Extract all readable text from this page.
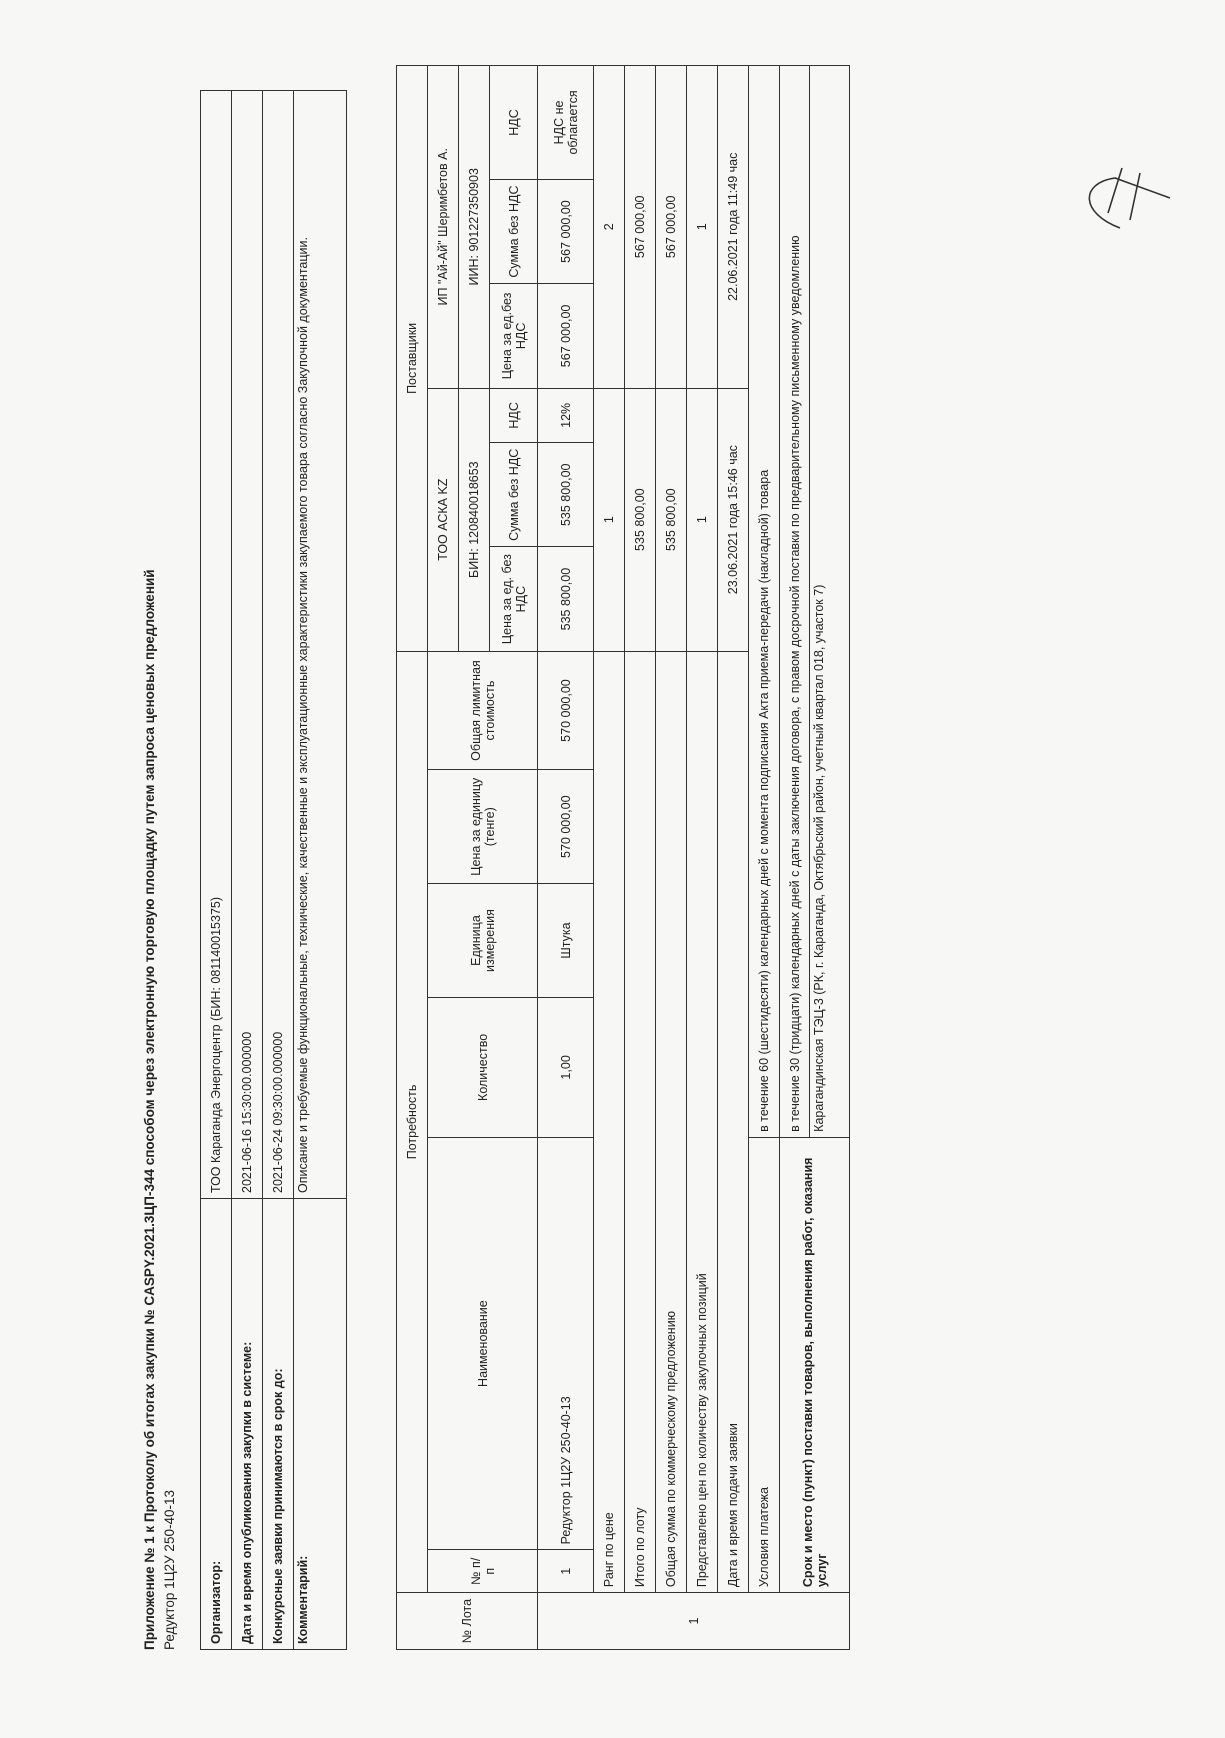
Приложение № 1 к Протоколу об итогах закупки № CASPY.2021.3ЦП-344 способом через электронную торговую площадку путем запроса ценовых предложений Редуктор 1Ц2У 250-40-13	Организатор:	ТОО Караганда Энергоцентр (БИН: 081140015375)
Дата и время опубликования закупки в системе:	2021-06-16 15:30:00.000000
Конкурсные заявки принимаются в срок до:	2021-06-24 09:30:00.000000
Комментарий:	Описание и требуемые функциональные, технические, качественные и эксплуатационные характеристики закупаемого товара согласно Закупочной документации.
№ Лота	Потребность						Поставщики					
	№ п/п	Наименование	Количество	Единица измерения	Цена за единицу (тенге)	Общая лимитная стоимость	ТОО АСКА KZ			ИП "Ай-Ай" Шеримбетов А.		
							БИН: 120840018653			ИИН: 901227350903		
							Цена за ед. без НДС	Сумма без НДС	НДС	Цена за ед.без НДС	Сумма без НДС	НДС
1	1	Редуктор 1Ц2У 250-40-13	1,00	Штука	570 000,00	570 000,00	535 800,00	535 800,00	12%	567 000,00	567 000,00	НДС не облагается
	Ранг по цене						1			2		
	Итого по лоту						535 800,00			567 000,00		
	Общая сумма по коммерческому предложению						535 800,00			567 000,00		
	Представлено цен по количеству закупочных позиций						1			1		
	Дата и время подачи заявки						23.06.2021 года 15:46 час			22.06.2021 года 11:49 час		
	Условия платежа		в течение 60 (шестидесяти) календарных дней с момента подписания Акта приема-передачи (накладной) товара									
	Срок и место (пункт) поставки товаров, выполнения работ, оказания услуг		в течение 30 (тридцати) календарных дней с даты заключения договора, с правом досрочной поставки по предварительному письменному уведомлению									
			Карагандинская ТЭЦ-3 (РК, г. Караганда, Октябрьский район, учетный квартал 018, участок 7)									
